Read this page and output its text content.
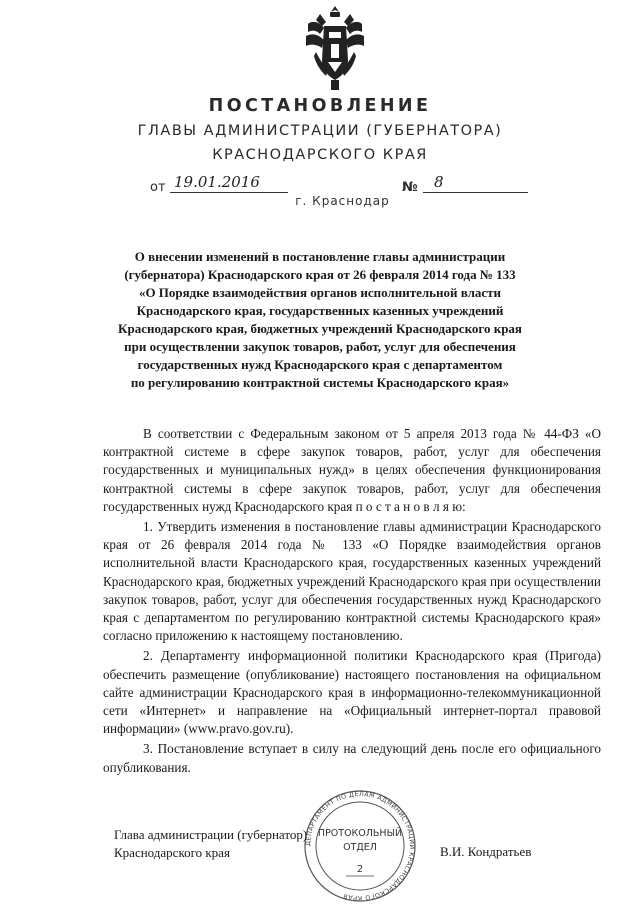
ПОСТАНОВЛЕНИЕ
ГЛАВЫ АДМИНИСТРАЦИИ (ГУБЕРНАТОРА)
КРАСНОДАРСКОГО КРАЯ
от 19.01.2016	№ 8
г. Краснодар
О внесении изменений в постановление главы администрации
(губернатора) Краснодарского края от 26 февраля 2014 года № 133
«О Порядке взаимодействия органов исполнительной власти
Краснодарского края, государственных казенных учреждений
Краснодарского края, бюджетных учреждений Краснодарского края
при осуществлении закупок товаров, работ, услуг для обеспечения
государственных нужд Краснодарского края с департаментом
по регулированию контрактной системы Краснодарского края»

В соответствии с Федеральным законом от 5 апреля 2013 года № 44-ФЗ «О контрактной системе в сфере закупок товаров, работ, услуг для обеспечения государственных и муниципальных нужд» в целях обеспечения функционирования контрактной системы в сфере закупок товаров, работ, услуг для обеспечения государственных нужд Краснодарского края п о с т а н о в л я ю:

1. Утвердить изменения в постановление главы администрации Краснодарского края от 26 февраля 2014 года № 133 «О Порядке взаимодействия органов исполнительной власти Краснодарского края, государственных казенных учреждений Краснодарского края, бюджетных учреждений Краснодарского края при осуществлении закупок товаров, работ, услуг для обеспечения государственных нужд Краснодарского края с департаментом по регулированию контрактной системы Краснодарского края» согласно приложению к настоящему постановлению.

2. Департаменту информационной политики Краснодарского края (Пригода) обеспечить размещение (опубликование) настоящего постановления на официальном сайте администрации Краснодарского края в информационно-телекоммуникационной сети «Интернет» и направление на «Официальный интернет-портал правовой информации» (www.pravo.gov.ru).

3. Постановление вступает в силу на следующий день после его официального опубликования.

ДЕПАРТАМЕНТ ПО ДЕЛАМ АДМИНИСТРАЦИИ КРАСНОДАРСКОГО КРАЯ
ПРОТОКОЛЬНЫЙ
ОТДЕЛ
2
Глава администрации (губернатор)
Краснодарского края	В.И. Кондратьев
